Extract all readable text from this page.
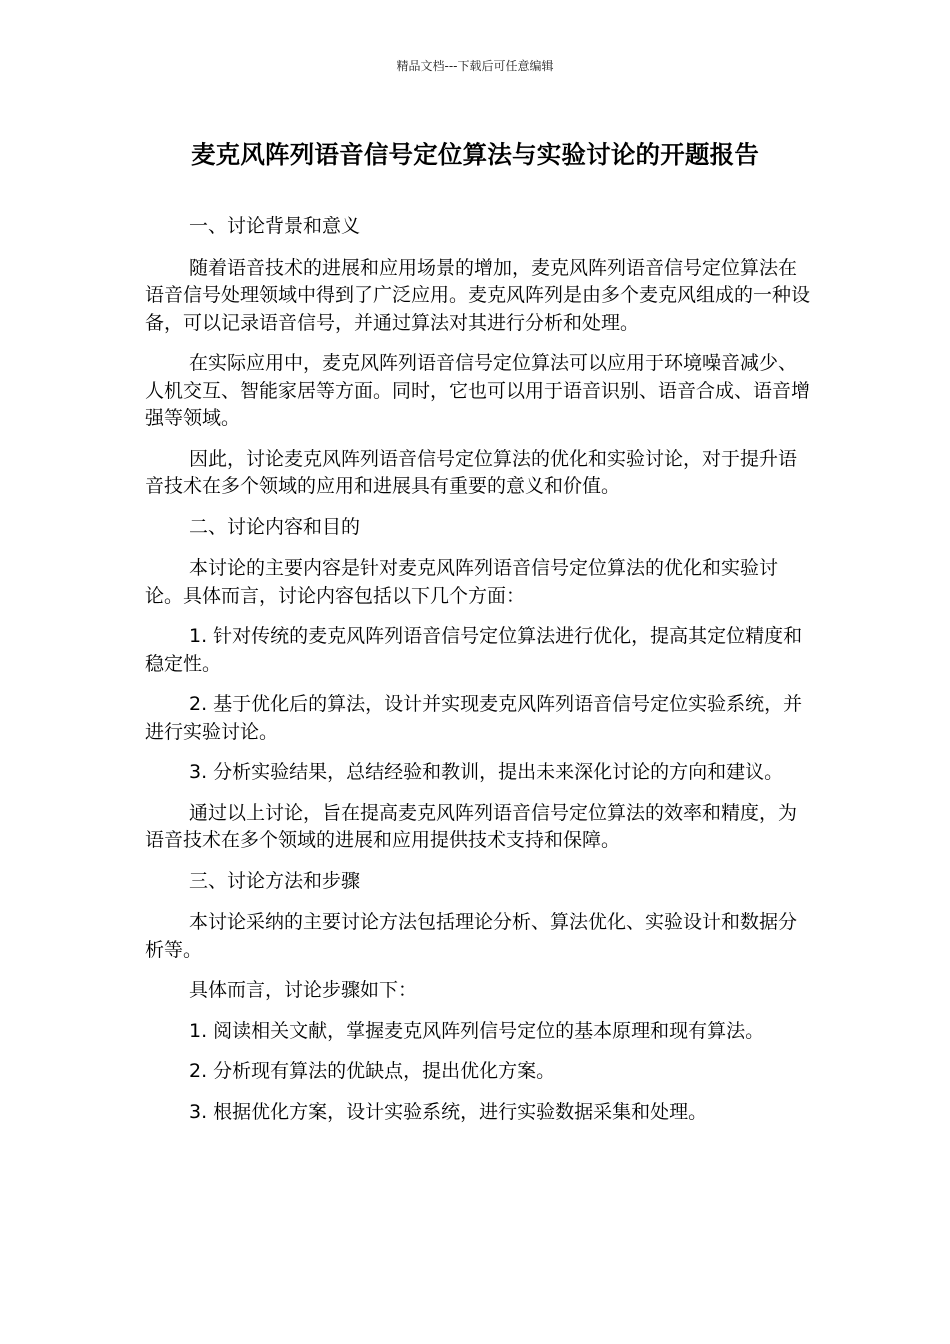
精品文档---下载后可任意编辑
麦克风阵列语音信号定位算法与实验讨论的开题报告

一、讨论背景和意义

随着语音技术的进展和应用场景的增加，麦克风阵列语音信号定位算法在语音信号处理领域中得到了广泛应用。麦克风阵列是由多个麦克风组成的一种设备，可以记录语音信号，并通过算法对其进行分析和处理。

在实际应用中，麦克风阵列语音信号定位算法可以应用于环境噪音减少、人机交互、智能家居等方面。同时，它也可以用于语音识别、语音合成、语音增强等领域。

因此，讨论麦克风阵列语音信号定位算法的优化和实验讨论，对于提升语音技术在多个领域的应用和进展具有重要的意义和价值。

二、讨论内容和目的

本讨论的主要内容是针对麦克风阵列语音信号定位算法的优化和实验讨论。具体而言，讨论内容包括以下几个方面：

1. 针对传统的麦克风阵列语音信号定位算法进行优化，提高其定位精度和稳定性。

2. 基于优化后的算法，设计并实现麦克风阵列语音信号定位实验系统，并进行实验讨论。

3. 分析实验结果，总结经验和教训，提出未来深化讨论的方向和建议。

通过以上讨论，旨在提高麦克风阵列语音信号定位算法的效率和精度，为语音技术在多个领域的进展和应用提供技术支持和保障。

三、讨论方法和步骤

本讨论采纳的主要讨论方法包括理论分析、算法优化、实验设计和数据分析等。

具体而言，讨论步骤如下：

1. 阅读相关文献，掌握麦克风阵列信号定位的基本原理和现有算法。

2. 分析现有算法的优缺点，提出优化方案。

3. 根据优化方案，设计实验系统，进行实验数据采集和处理。
